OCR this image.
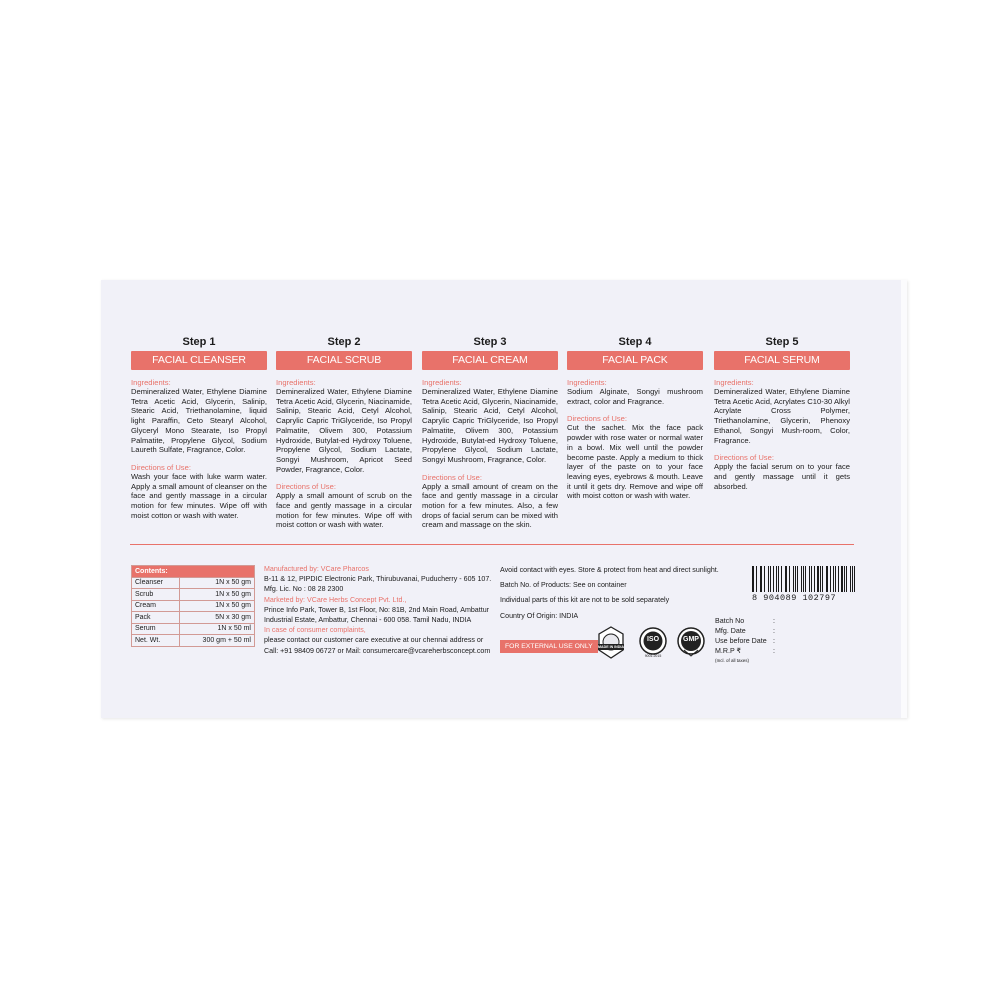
Step 1
FACIAL CLEANSER
Ingredients:
Demineralized Water, Ethylene Diamine Tetra Acetic Acid, Glycerin, Salinip, Stearic Acid, Triethanolamine, liquid light Paraffin, Ceto Stearyl Alcohol, Glyceryl Mono Stearate, Iso Propyl Palmatite, Propylene Glycol, Sodium Laureth Sulfate, Fragrance, Color.
Directions of Use:
Wash your face with luke warm water. Apply a small amount of cleanser on the face and gently massage in a circular motion for few minutes. Wipe off with moist cotton or wash with water.
Step 2
FACIAL SCRUB
Ingredients:
Demineralized Water, Ethylene Diamine Tetra Acetic Acid, Glycerin, Niacinamide, Salinip, Stearic Acid, Cetyl Alcohol, Caprylic Capric TriGlyceride, Iso Propyl Palmatite, Olivem 300, Potassium Hydroxide, Butylat-ed Hydroxy Toluene, Propylene Glycol, Sodium Lactate, Songyi Mushroom, Apricot Seed Powder, Fragrance, Color.
Directions of Use:
Apply a small amount of scrub on the face and gently massage in a circular motion for few minutes. Wipe off with moist cotton or wash with water.
Step 3
FACIAL CREAM
Ingredients:
Demineralized Water, Ethylene Diamine Tetra Acetic Acid, Glycerin, Niacinamide, Salinip, Stearic Acid, Cetyl Alcohol, Caprylic Capric TriGlyceride, Iso Propyl Palmatite, Olivem 300, Potassium Hydroxide, Butylat-ed Hydroxy Toluene, Propylene Glycol, Sodium Lactate, Songyi Mushroom, Fragrance, Color.
Directions of Use:
Apply a small amount of cream on the face and gently massage in a circular motion for a few minutes. Also, a few drops of facial serum can be mixed with cream and massage on the skin.
Step 4
FACIAL PACK
Ingredients:
Sodium Alginate, Songyi mushroom extract, color and Fragrance.
Directions of Use:
Cut the sachet. Mix the face pack powder with rose water or normal water in a bowl. Mix well until the powder become paste. Apply a medium to thick layer of the paste on to your face leaving eyes, eyebrows & mouth. Leave it until it gets dry. Remove and wipe off with moist cotton or wash with water.
Step 5
FACIAL SERUM
Ingredients:
Demineralized Water, Ethylene Diamine Tetra Acetic Acid, Acrylates C10-30 Alkyl Acrylate Cross Polymer, Triethanolamine, Glycerin, Phenoxy Ethanol, Songyi Mush-room, Color, Fragrance.
Directions of Use:
Apply the facial serum on to your face and gently massage until it gets absorbed.
Contents:	
Cleanser	1N x 50 gm
Scrub	1N x 50 gm
Cream	1N x 50 gm
Pack	5N x 30 gm
Serum	1N x 50 ml
Net. Wt.	300 gm + 50 ml
Manufactured by: VCare Pharcos
B-11 & 12, PIPDIC Electronic Park, Thirubuvanai, Puducherry - 605 107.
Mfg. Lic. No : 08 28 2300
Marketed by: VCare Herbs Concept Pvt. Ltd.,
Prince Info Park, Tower B, 1st Floor, No: 81B, 2nd Main Road, Ambattur Industrial Estate, Ambattur, Chennai - 600 058. Tamil Nadu, INDIA
In case of consumer complaints,
please contact our customer care executive at our chennai address or Call: +91 98409 06727 or Mail: consumercare@vcareherbsconcept.com
Avoid contact with eyes. Store & protect from heat and direct sunlight.
Batch No. of Products: See on container
Individual parts of this kit are not to be sold separately
Country Of Origin: INDIA
FOR EXTERNAL USE ONLY	MADE IN INDIA
ISO
9001:2015
GMP
8 904089 102797
Batch No	:
Mfg. Date	:
Use before Date :
M.R.P ₹	:
(Incl. of all taxes)
